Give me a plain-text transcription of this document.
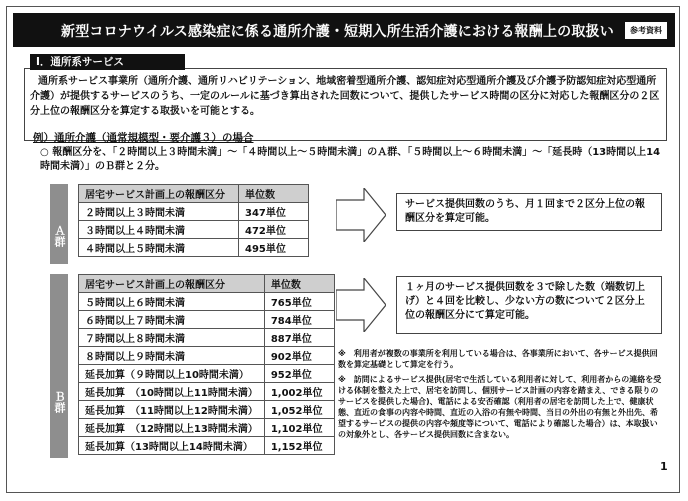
新型コロナウイルス感染症に係る通所介護・短期入所生活介護における報酬上の取扱い	参考資料
Ⅰ．通所系サービス
通所系サービス事業所（通所介護、通所リハビリテーション、地域密着型通所介護、認知症対応型通所介護及び介護予防認知症対応型通所介護）が提供するサービスのうち、一定のルールに基づき算出された回数について、提供したサービス時間の区分に対応した報酬区分の２区分上位の報酬区分を算定する取扱いを可能とする。
例）通所介護（通常規模型・要介護３）の場合
○ 報酬区分を、「２時間以上３時間未満」～「４時間以上～５時間未満」のＡ群、「５時間以上～６時間未満」～「延長時（13時間以上14時間未満）」のＢ群と２分。
Ａ群
居宅サービス計画上の報酬区分	単位数
２時間以上３時間未満	347単位
３時間以上４時間未満	472単位
４時間以上５時間未満	495単位
サービス提供回数のうち、月１回まで２区分上位の報酬区分を算定可能。
Ｂ群
居宅サービス計画上の報酬区分	単位数
５時間以上６時間未満	765単位
６時間以上７時間未満	784単位
７時間以上８時間未満	887単位
８時間以上９時間未満	902単位
延長加算（９時間以上10時間未満）	952単位
延長加算　（10時間以上11時間未満）	1,002単位
延長加算　（11時間以上12時間未満）	1,052単位
延長加算　（12時間以上13時間未満）	1,102単位
延長加算（13時間以上14時間未満）	1,152単位
１ヶ月のサービス提供回数を３で除した数（端数切上げ）と４回を比較し、少ない方の数について２区分上位の報酬区分にて算定可能。

※　利用者が複数の事業所を利用している場合は、各事業所において、各サービス提供回数を算定基礎として算定を行う。

※　訪問によるサービス提供(居宅で生活している利用者に対して、利用者からの連絡を受ける体制を整えた上で、居宅を訪問し、個別サービス計画の内容を踏まえ、できる限りのサービスを提供した場合)、電話による安否確認（利用者の居宅を訪問した上で、健康状態、直近の食事の内容や時間、直近の入浴の有無や時間、当日の外出の有無と外出先、希望するサービスの提供の内容や頻度等について、電話により確認した場合）は、本取扱いの対象外とし、各サービス提供回数に含まない。

1
